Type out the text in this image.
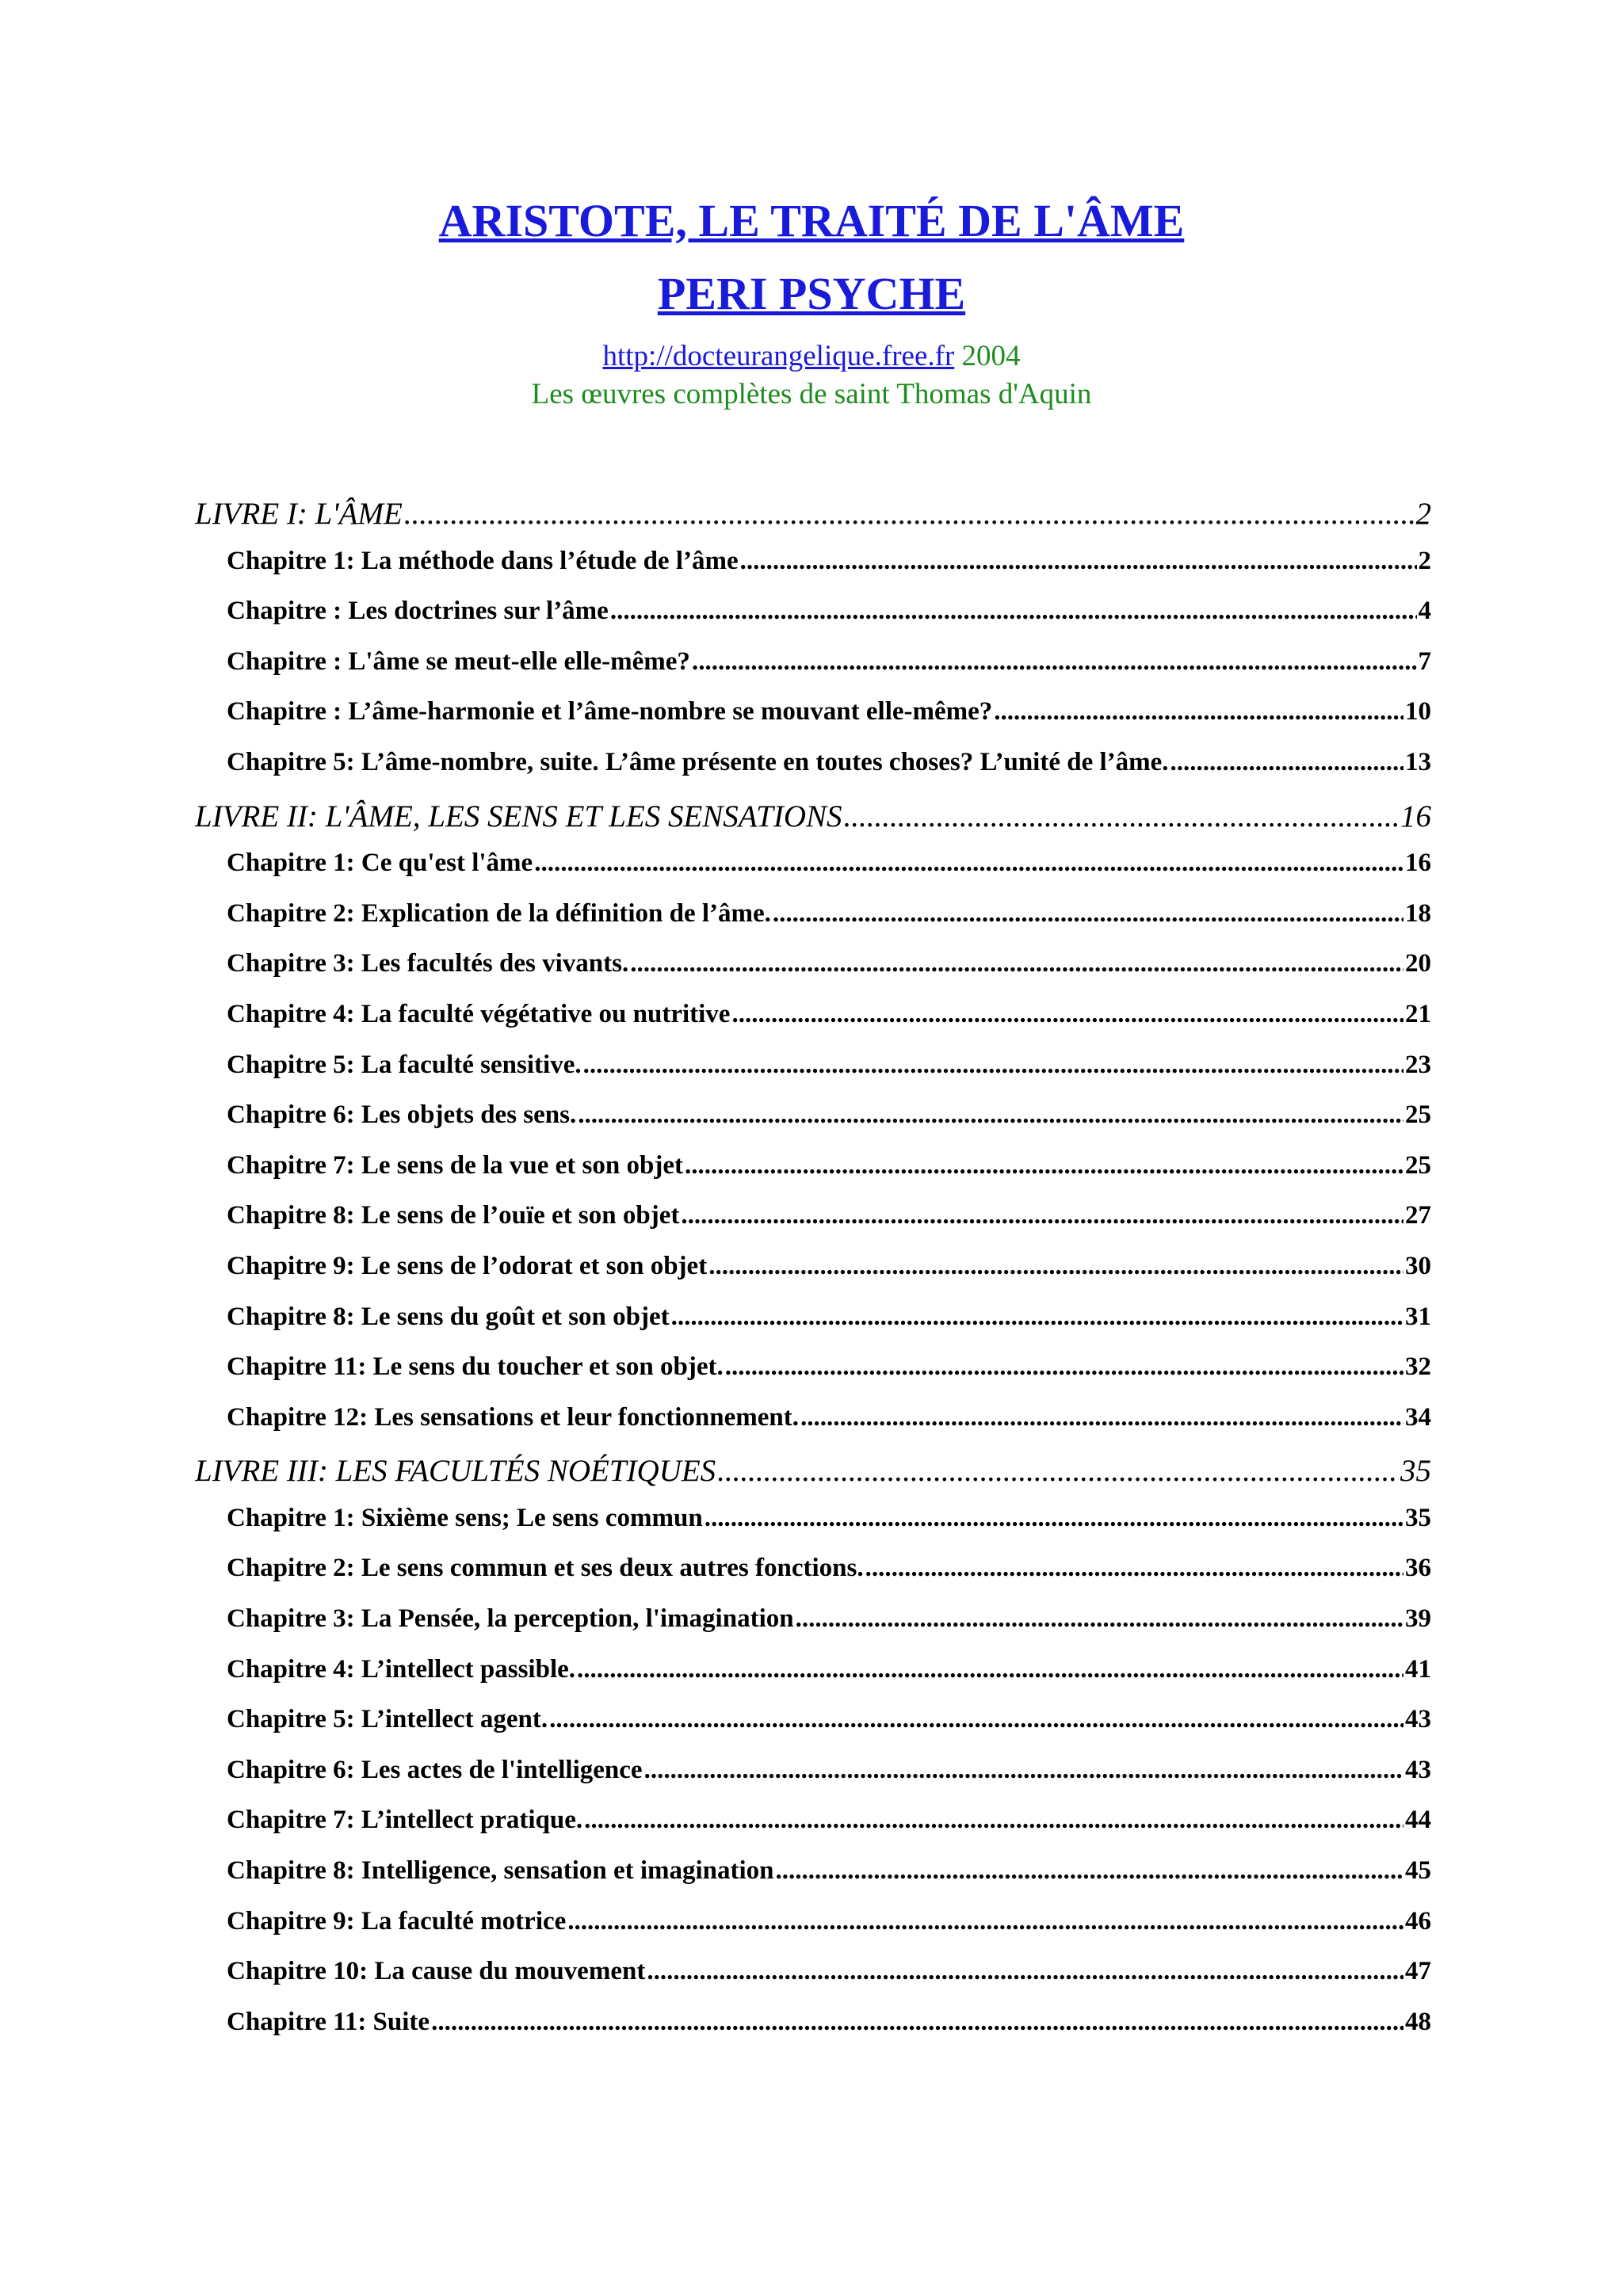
ARISTOTE, LE TRAITÉ DE L'ÂME
PERI PSYCHE
http://docteurangelique.free.fr 2004
Les œuvres complètes de saint Thomas d'Aquin
LIVRE I: L'ÂME .....	2
Chapitre 1: La méthode dans l’étude de l’âme .....	2
Chapitre : Les doctrines sur l’âme .....	4
Chapitre : L'âme se meut-elle elle-même? .....	7
Chapitre : L’âme-harmonie et l’âme-nombre se mouvant elle-même? .....	10
Chapitre 5: L’âme-nombre, suite. L’âme présente en toutes choses? L’unité de l’âme. .....	13
LIVRE II: L'ÂME, LES SENS ET LES SENSATIONS .....	16
Chapitre 1: Ce qu'est l'âme .....	16
Chapitre 2: Explication de la définition de l’âme. .....	18
Chapitre 3: Les facultés des vivants. .....	20
Chapitre 4: La faculté végétative ou nutritive .....	21
Chapitre 5: La faculté sensitive. .....	23
Chapitre 6: Les objets des sens. .....	25
Chapitre 7: Le sens de la vue et son objet .....	25
Chapitre 8: Le sens de l’ouïe et son objet .....	27
Chapitre 9: Le sens de l’odorat et son objet .....	30
Chapitre 8: Le sens du goût et son objet .....	31
Chapitre 11: Le sens du toucher et son objet. .....	32
Chapitre 12: Les sensations et leur fonctionnement. .....	34
LIVRE III: LES FACULTÉS NOÉTIQUES .....	35
Chapitre 1: Sixième sens; Le sens commun .....	35
Chapitre 2: Le sens commun et ses deux autres fonctions. .....	36
Chapitre 3: La Pensée, la perception, l'imagination .....	39
Chapitre 4: L’intellect passible. .....	41
Chapitre 5: L’intellect agent. .....	43
Chapitre 6: Les actes de l'intelligence .....	43
Chapitre 7: L’intellect pratique. .....	44
Chapitre 8: Intelligence, sensation et imagination .....	45
Chapitre 9: La faculté motrice .....	46
Chapitre 10: La cause du mouvement .....	47
Chapitre 11: Suite .....	48
